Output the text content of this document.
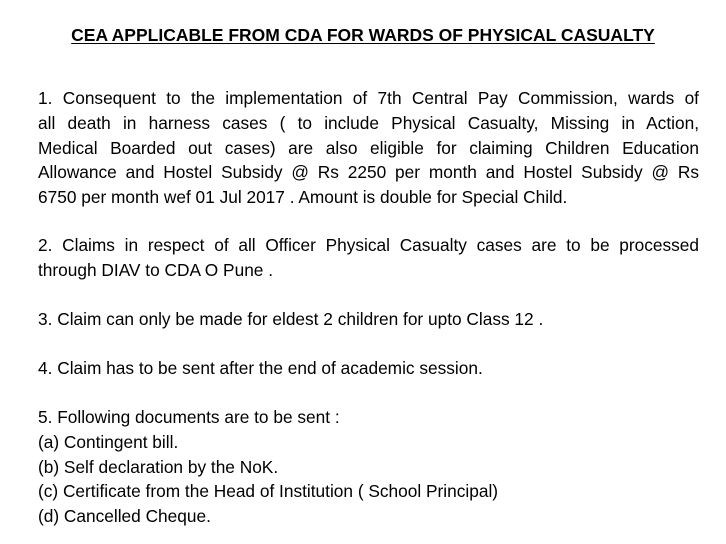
CEA APPLICABLE FROM CDA FOR WARDS OF PHYSICAL CASUALTY
1. Consequent to the implementation of 7th Central Pay Commission, wards of
all death in harness cases ( to include Physical Casualty, Missing in Action,
Medical Boarded out cases) are also eligible for claiming Children Education
Allowance and Hostel Subsidy @ Rs 2250 per month and Hostel Subsidy @ Rs
6750 per month wef 01 Jul 2017 . Amount is double for Special Child.
2. Claims in respect of all Officer Physical Casualty cases are to be processed
through DIAV to CDA O Pune .
3. Claim can only be made for eldest 2 children for upto Class 12 .
4. Claim has to be sent after the end of academic session.
5. Following documents are to be sent :
(a) Contingent bill.
(b) Self declaration by the NoK.
(c) Certificate from the Head of Institution ( School Principal)
(d) Cancelled Cheque.
